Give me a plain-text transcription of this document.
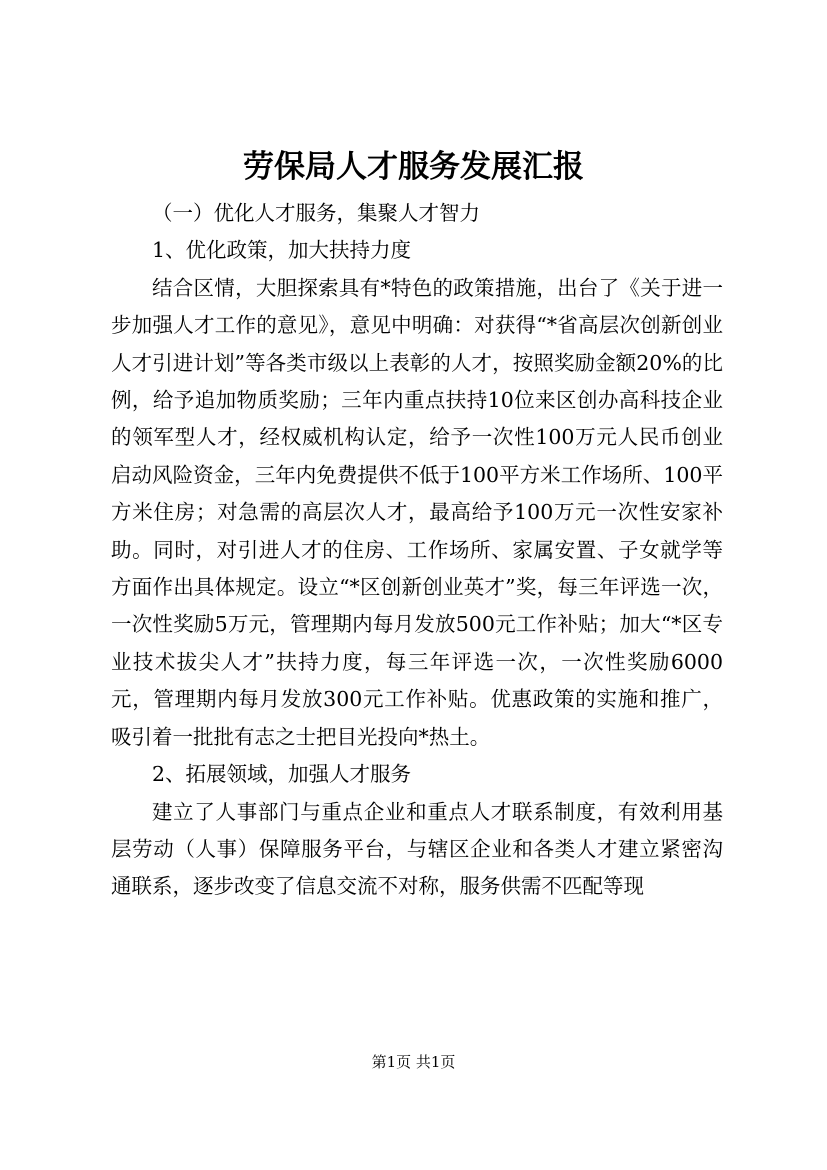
劳保局人才服务发展汇报

（一）优化人才服务，集聚人才智力

1、优化政策，加大扶持力度

结合区情，大胆探索具有*特色的政策措施，出台了《关于进一步加强人才工作的意见》，意见中明确：对获得“*省高层次创新创业人才引进计划”等各类市级以上表彰的人才，按照奖励金额20%的比例，给予追加物质奖励；三年内重点扶持10位来区创办高科技企业的领军型人才，经权威机构认定，给予一次性100万元人民币创业启动风险资金，三年内免费提供不低于100平方米工作场所、100平方米住房；对急需的高层次人才，最高给予100万元一次性安家补助。同时，对引进人才的住房、工作场所、家属安置、子女就学等方面作出具体规定。设立“*区创新创业英才”奖，每三年评选一次，一次性奖励5万元，管理期内每月发放500元工作补贴；加大“*区专业技术拔尖人才”扶持力度，每三年评选一次，一次性奖励6000元，管理期内每月发放300元工作补贴。优惠政策的实施和推广，吸引着一批批有志之士把目光投向*热土。

2、拓展领域，加强人才服务

建立了人事部门与重点企业和重点人才联系制度，有效利用基层劳动（人事）保障服务平台，与辖区企业和各类人才建立紧密沟通联系，逐步改变了信息交流不对称，服务供需不匹配等现

第1页 共1页
